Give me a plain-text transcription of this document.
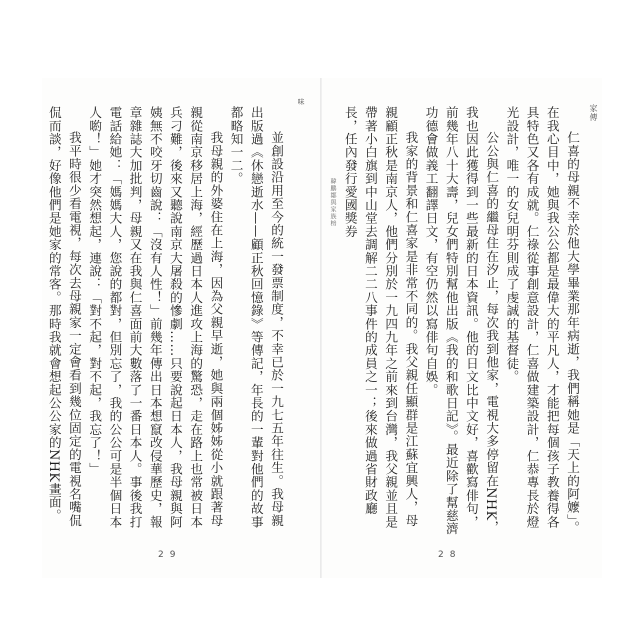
並創設沿用至今的統一發票制度，不幸已於一九七五年往生。我母親出版過《休戀逝水——顧正秋回憶錄》等傳記，年長的一輩對他們的故事都略知一二。

我母親的外婆住在上海，因為父親早逝，她與兩個姊姊從小就跟著母親從南京移居上海，經歷過日本人進攻上海的驚恐，走在路上也常被日本兵刁難，後來又聽說南京大屠殺的慘劇……只要說起日本人，我母親與阿姨無不咬牙切齒說：「沒有人性！」前幾年傳出日本想竄改侵華歷史，報章雜誌大加批判，母親又在我與仁喜面前大數落了一番日本人。事後我打電話給她：「媽媽大人，您說的都對，但別忘了，我的公公可是半個日本人喲！」她才突然想起，連說：「對不起，對不起，我忘了！」

我平時很少看電視，每次去母親家一定會看到幾位固定的電視名嘴侃侃而談，好像他們是她家的常客。那時我就會想起公公家的NHK畫面。

味
29

仁喜的母親不幸於他大學畢業那年病逝，我們稱她是「天上的阿嬤」。在我心目中，她與我公公都是最偉大的平凡人，才能把每個孩子教養得各具特色又各有成就。仁祿從事創意設計，仁喜做建築設計，仁恭專長於燈光設計，唯一的女兒明芬則成了虔誠的基督徒。

公公與仁喜的繼母住在汐止，每次我到他家，電視大多停留在NHK，我也因此獲得到一些最新的日本資訊。他的日文比中文好，喜歡寫俳句，前幾年八十大壽，兒女們特別幫他出版《我的和歌日記》。最近除了幫慈濟功德會做義工翻譯日文，有空仍然以寫俳句自娛。

我家的背景和仁喜家是非常不同的。我父親任顯群是江蘇宜興人，母親顧正秋是南京人，他們分別於一九四九年之前來到台灣，我父親並且是帶著小白旗到中山堂去調解二二八事件的成員之一；後來做過省財政廳長，任內發行愛國獎券	家傳
韓鵬鄒與家族榜
28
